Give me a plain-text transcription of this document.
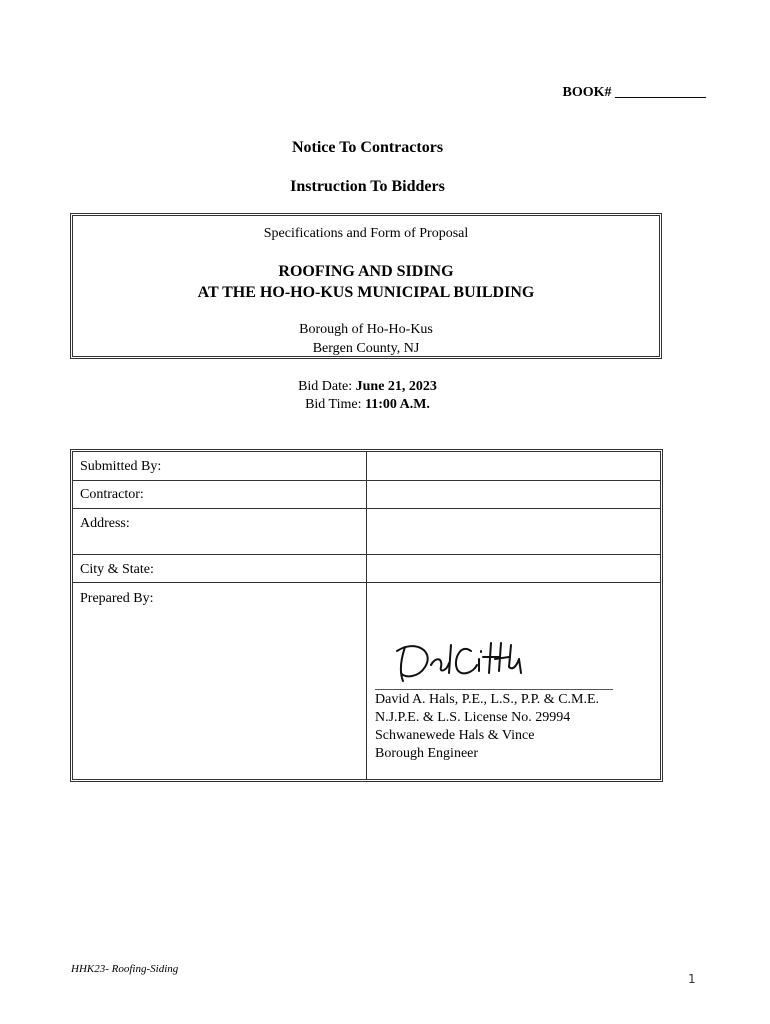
BOOK# _____________
Notice To Contractors
Instruction To Bidders
Specifications and Form of Proposal
ROOFING AND SIDING
AT THE HO-HO-KUS MUNICIPAL BUILDING
Borough of Ho-Ho-Kus
Bergen County, NJ
Bid Date: June 21, 2023
Bid Time: 11:00 A.M.
Submitted By:
Contractor:
Address:
City & State:
Prepared By:
David A. Hals, P.E., L.S., P.P. & C.M.E.
N.J.P.E. & L.S. License No. 29994
Schwanewede Hals & Vince
Borough Engineer
HHK23- Roofing-Siding
1
